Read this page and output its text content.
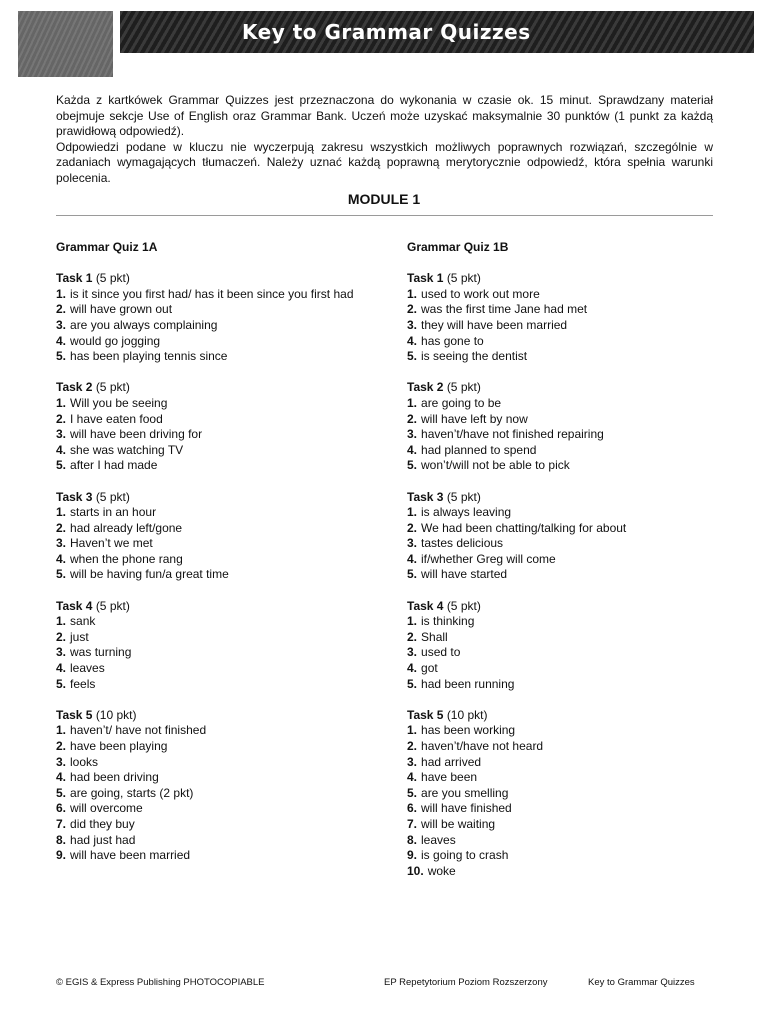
Key to Grammar Quizzes

Każda z kartkówek Grammar Quizzes jest przeznaczona do wykonania w czasie ok. 15 minut. Sprawdzany materiał obejmuje sekcje Use of English oraz Grammar Bank. Uczeń może uzyskać maksymalnie 30 punktów (1 punkt za każdą prawidłową odpowiedź).

Odpowiedzi podane w kluczu nie wyczerpują zakresu wszystkich możliwych poprawnych rozwiązań, szczególnie w zadaniach wymagających tłumaczeń. Należy uznać każdą poprawną merytorycznie odpowiedź, która spełnia warunki polecenia.

MODULE 1
Grammar Quiz 1A
Task 1 (5 pkt)
1. is it since you first had/ has it been since you first had
2. will have grown out
3. are you always complaining
4. would go jogging
5. has been playing tennis since
Task 2 (5 pkt)
1. Will you be seeing
2. I have eaten food
3. will have been driving for
4. she was watching TV
5. after I had made
Task 3 (5 pkt)
1. starts in an hour
2. had already left/gone
3. Haven’t we met
4. when the phone rang
5. will be having fun/a great time
Task 4 (5 pkt)
1. sank
2. just
3. was turning
4. leaves
5. feels
Task 5 (10 pkt)
1. haven’t/ have not finished
2. have been playing
3. looks
4. had been driving
5. are going, starts (2 pkt)
6. will overcome
7. did they buy
8. had just had
9. will have been married
Grammar Quiz 1B
Task 1 (5 pkt)
1. used to work out more
2. was the first time Jane had met
3. they will have been married
4. has gone to
5. is seeing the dentist
Task 2 (5 pkt)
1. are going to be
2. will have left by now
3. haven’t/have not finished repairing
4. had planned to spend
5. won’t/will not be able to pick
Task 3 (5 pkt)
1. is always leaving
2. We had been chatting/talking for about
3. tastes delicious
4. if/whether Greg will come
5. will have started
Task 4 (5 pkt)
1. is thinking
2. Shall
3. used to
4. got
5. had been running
Task 5 (10 pkt)
1. has been working
2. haven’t/have not heard
3. had arrived
4. have been
5. are you smelling
6. will have finished
7. will be waiting
8. leaves
9. is going to crash
10. woke
© EGIS & Express Publishing PHOTOCOPIABLE	EP Repetytorium Poziom Rozszerzony	Key to Grammar Quizzes
